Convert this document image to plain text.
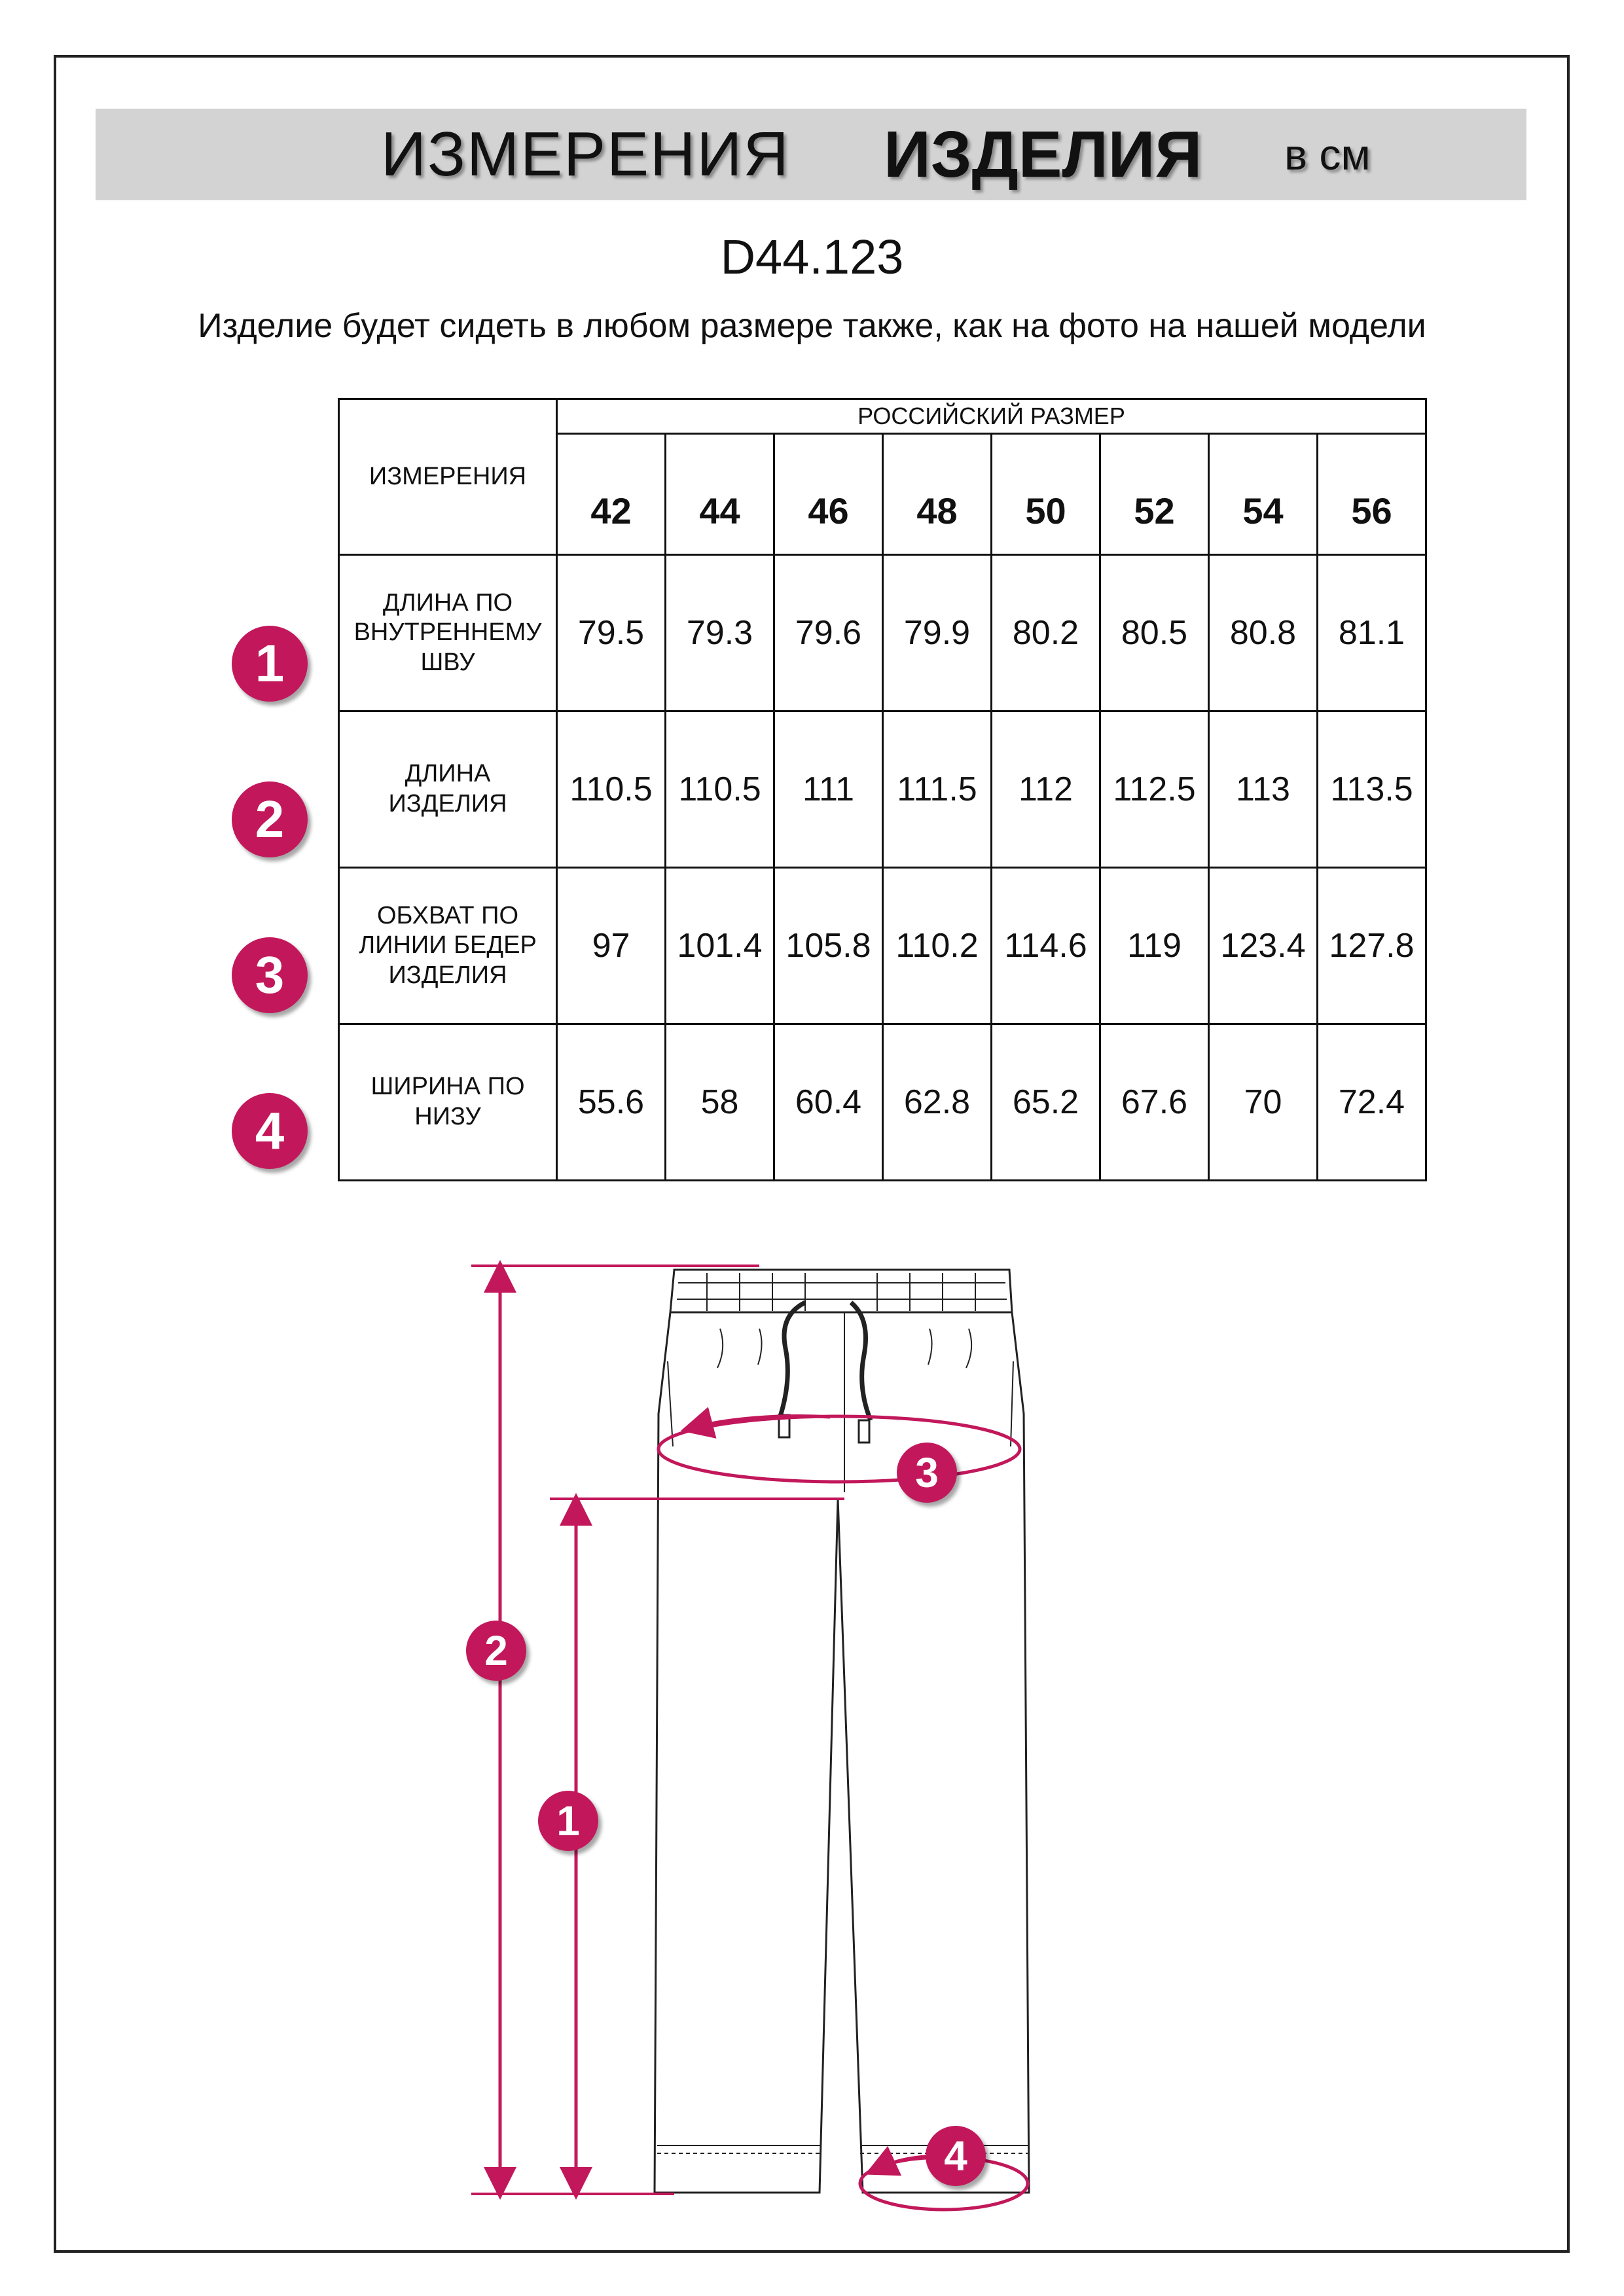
ИЗМЕРЕНИЯ ИЗДЕЛИЯ в см
D44.123
Изделие будет сидеть в любом размере также, как на фото на нашей модели
ИЗМЕРЕНИЯ	РОССИЙСКИЙ РАЗМЕР							
	42	44	46	48	50	52	54	56

ДЛИНА ПО
ВНУТРЕННЕМУ
ШВУ	79.5	79.3	79.6	79.9	80.2	80.5	80.8	81.1

ДЛИНА
ИЗДЕЛИЯ	110.5	110.5	111	111.5	112	112.5	113	113.5

ОБХВАТ ПО
ЛИНИИ БЕДЕР
ИЗДЕЛИЯ	97	101.4	105.8	110.2	114.6	119	123.4	127.8

ШИРИНА ПО
НИЗУ	55.6	58	60.4	62.8	65.2	67.6	70	72.4
1
2
3
4
1
2
3
4
